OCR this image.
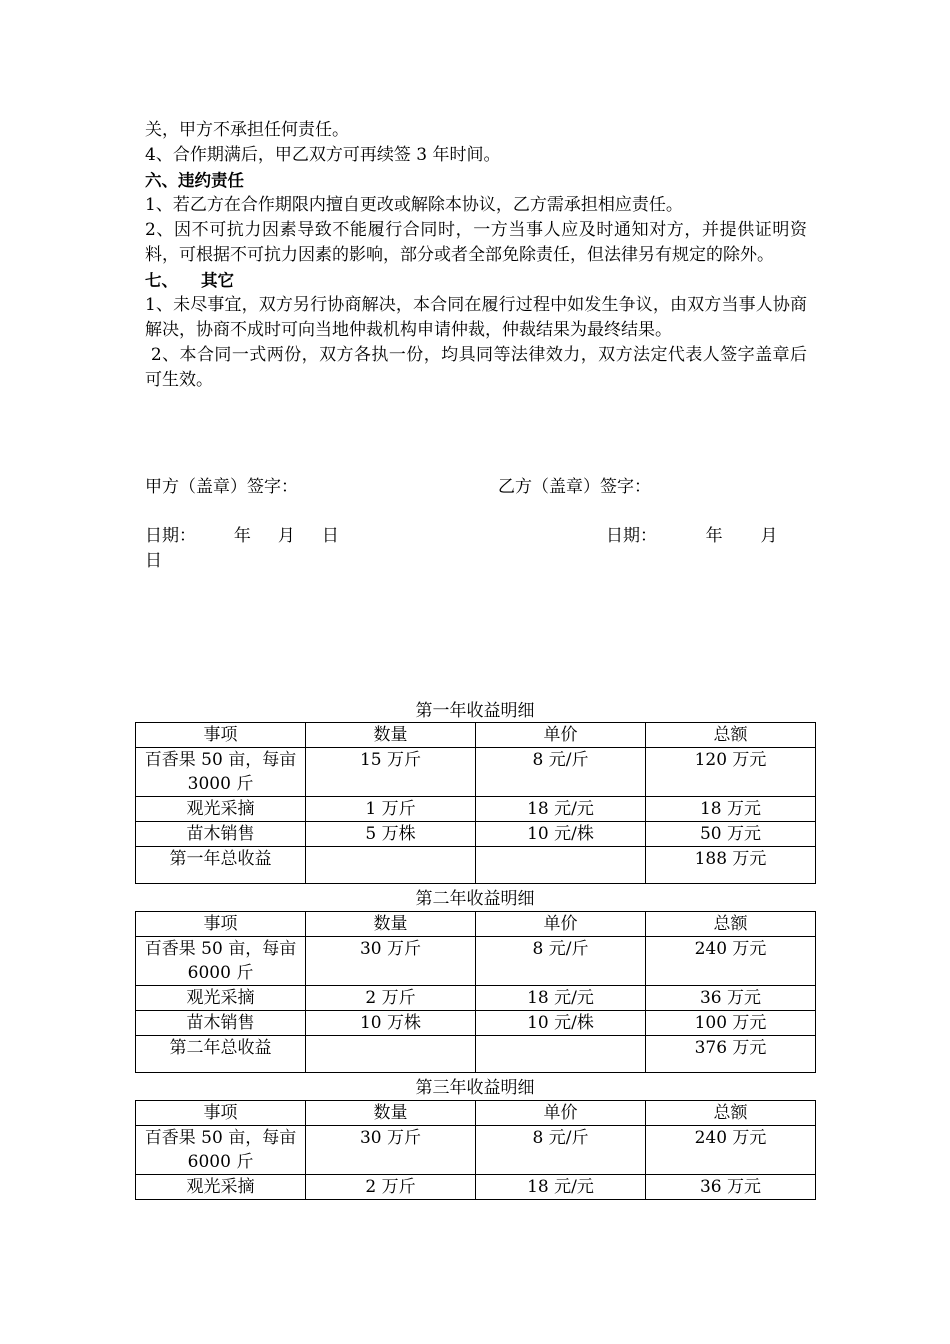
关，甲方不承担任何责任。

4、合作期满后，甲乙双方可再续签 3 年时间。

六、违约责任

1、若乙方在合作期限内擅自更改或解除本协议，乙方需承担相应责任。

2、因不可抗力因素导致不能履行合同时，一方当事人应及时通知对方，并提供证明资料，可根据不可抗力因素的影响，部分或者全部免除责任，但法律另有规定的除外。

七、    其它

1、未尽事宜，双方另行协商解决，本合同在履行过程中如发生争议，由双方当事人协商解决，协商不成时可向当地仲裁机构申请仲裁，仲裁结果为最终结果。

2、本合同一式两份，双方各执一份，均具同等法律效力，双方法定代表人签字盖章后可生效。

甲方（盖章）签字：	乙方（盖章）签字：
日期：       年     月     日	日期：         年       月
日
第一年收益明细
事项	数量	单价	总额
百香果 50 亩，每亩 3000 斤	15 万斤	8 元/斤	120 万元
观光采摘	1 万斤	18 元/元	18 万元
苗木销售	5 万株	10 元/株	50 万元
第一年总收益			188 万元
第二年收益明细
事项	数量	单价	总额
百香果 50 亩，每亩 6000 斤	30 万斤	8 元/斤	240 万元
观光采摘	2 万斤	18 元/元	36 万元
苗木销售	10 万株	10 元/株	100 万元
第二年总收益			376 万元
第三年收益明细
事项	数量	单价	总额
百香果 50 亩，每亩 6000 斤	30 万斤	8 元/斤	240 万元
观光采摘	2 万斤	18 元/元	36 万元
